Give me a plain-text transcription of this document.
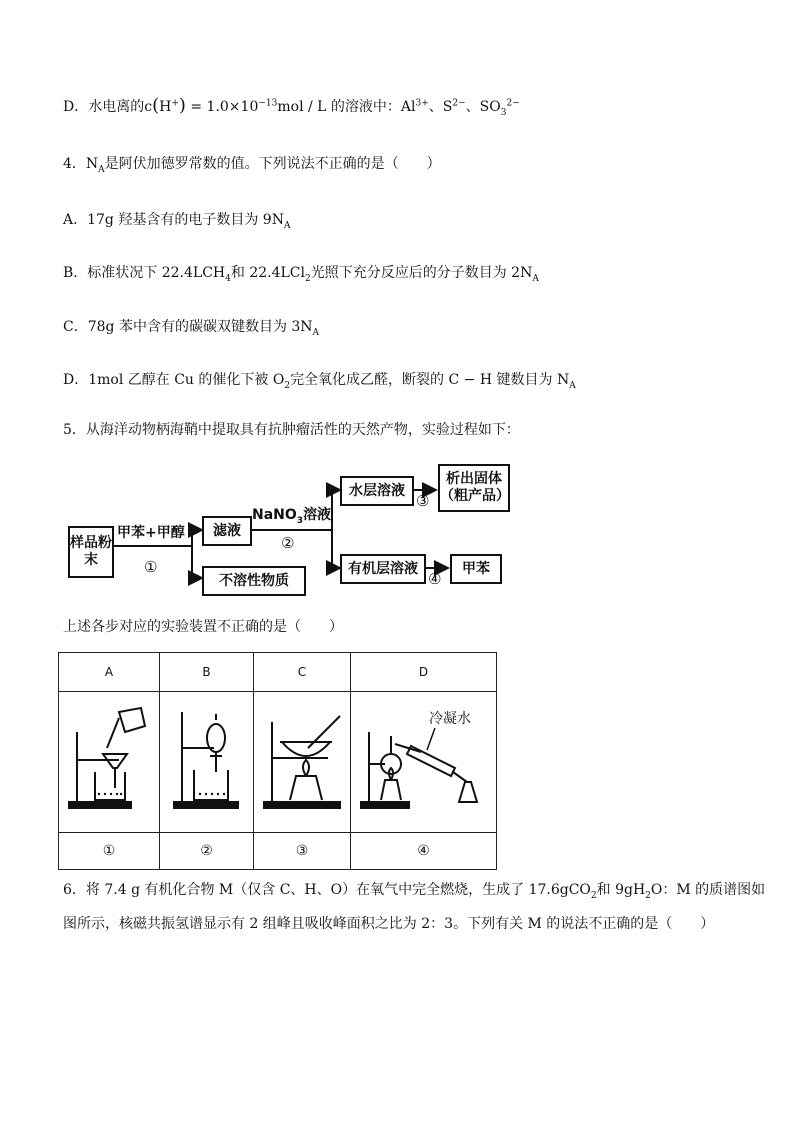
D．水电离的$c(H^+) = 1.0\times 10^{-13}mol / L$ 的溶液中：$Al^{3+}$、$S^{2-}$、$SO_3^{2-}$
4．$N_A$是阿伏加德罗常数的值。下列说法不正确的是（　　）
A．17g 羟基含有的电子数目为 $9N_A$
B．标准状况下 $22.4LCH_4$和 22.4LCl$_2$光照下充分反应后的分子数目为 $2N_A$
C．78g 苯中含有的碳碳双键数目为 $3N_A$
D．1mol 乙醇在 Cu 的催化下被 $O_2$完全氧化成乙醛，断裂的 C − H 键数目为 $N_A$
5．从海洋动物柄海鞘中提取具有抗肿瘤活性的天然产物，实验过程如下：
样品粉末
甲苯+甲醇
①
滤液
不溶性物质
NaNO$_3$溶液
②
水层溶液
③
析出固体（粗产品）
有机层溶液
④
甲苯
上述各步对应的实验装置不正确的是（　　）
A	B	C	D

冷凝水

①	②	③	④
6．将 7.4 g 有机化合物 M（仅含 C、H、O）在氧气中完全燃烧，生成了 17.6gCO$_2$和 $9gH_2O$：M 的质谱图如
图所示，核磁共振氢谱显示有 2 组峰且吸收峰面积之比为 2：3。下列有关 M 的说法不正确的是（　　）
